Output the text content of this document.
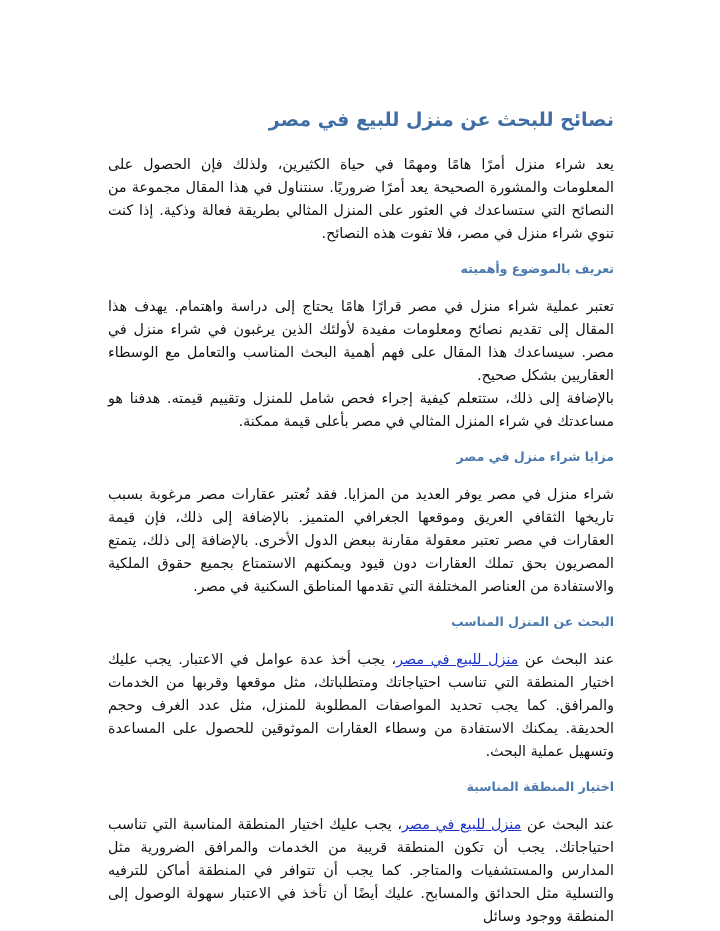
نصائح للبحث عن منزل للبيع في مصر

يعد شراء منزل أمرًا هامًا ومهمًا في حياة الكثيرين، ولذلك فإن الحصول على المعلومات والمشورة الصحيحة يعد أمرًا ضروريًا. سنتناول في هذا المقال مجموعة من النصائح التي ستساعدك في العثور على المنزل المثالي بطريقة فعالة وذكية. إذا كنت تنوي شراء منزل في مصر، فلا تفوت هذه النصائح.

تعريف بالموضوع وأهميته

تعتبر عملية شراء منزل في مصر قرارًا هامًا يحتاج إلى دراسة واهتمام. يهدف هذا المقال إلى تقديم نصائح ومعلومات مفيدة لأولئك الذين يرغبون في شراء منزل في مصر. سيساعدك هذا المقال على فهم أهمية البحث المناسب والتعامل مع الوسطاء العقاريين بشكل صحيح.

بالإضافة إلى ذلك، ستتعلم كيفية إجراء فحص شامل للمنزل وتقييم قيمته. هدفنا هو مساعدتك في شراء المنزل المثالي في مصر بأعلى قيمة ممكنة.

مزايا شراء منزل في مصر

شراء منزل في مصر يوفر العديد من المزايا. فقد تُعتبر عقارات مصر مرغوبة بسبب تاريخها الثقافي العريق وموقعها الجغرافي المتميز. بالإضافة إلى ذلك، فإن قيمة العقارات في مصر تعتبر معقولة مقارنة ببعض الدول الأخرى. بالإضافة إلى ذلك، يتمتع المصريون بحق تملك العقارات دون قيود ويمكنهم الاستمتاع بجميع حقوق الملكية والاستفادة من العناصر المختلفة التي تقدمها المناطق السكنية في مصر.

البحث عن المنزل المناسب

عند البحث عن منزل للبيع في مصر، يجب أخذ عدة عوامل في الاعتبار. يجب عليك اختيار المنطقة التي تناسب احتياجاتك ومتطلباتك، مثل موقعها وقربها من الخدمات والمرافق. كما يجب تحديد المواصفات المطلوبة للمنزل، مثل عدد الغرف وحجم الحديقة. يمكنك الاستفادة من وسطاء العقارات الموثوقين للحصول على المساعدة وتسهيل عملية البحث.

اختيار المنطقة المناسبة

عند البحث عن منزل للبيع في مصر، يجب عليك اختيار المنطقة المناسبة التي تناسب احتياجاتك. يجب أن تكون المنطقة قريبة من الخدمات والمرافق الضرورية مثل المدارس والمستشفيات والمتاجر. كما يجب أن تتوافر في المنطقة أماكن للترفيه والتسلية مثل الحدائق والمسابح. عليك أيضًا أن تأخذ في الاعتبار سهولة الوصول إلى المنطقة ووجود وسائل
